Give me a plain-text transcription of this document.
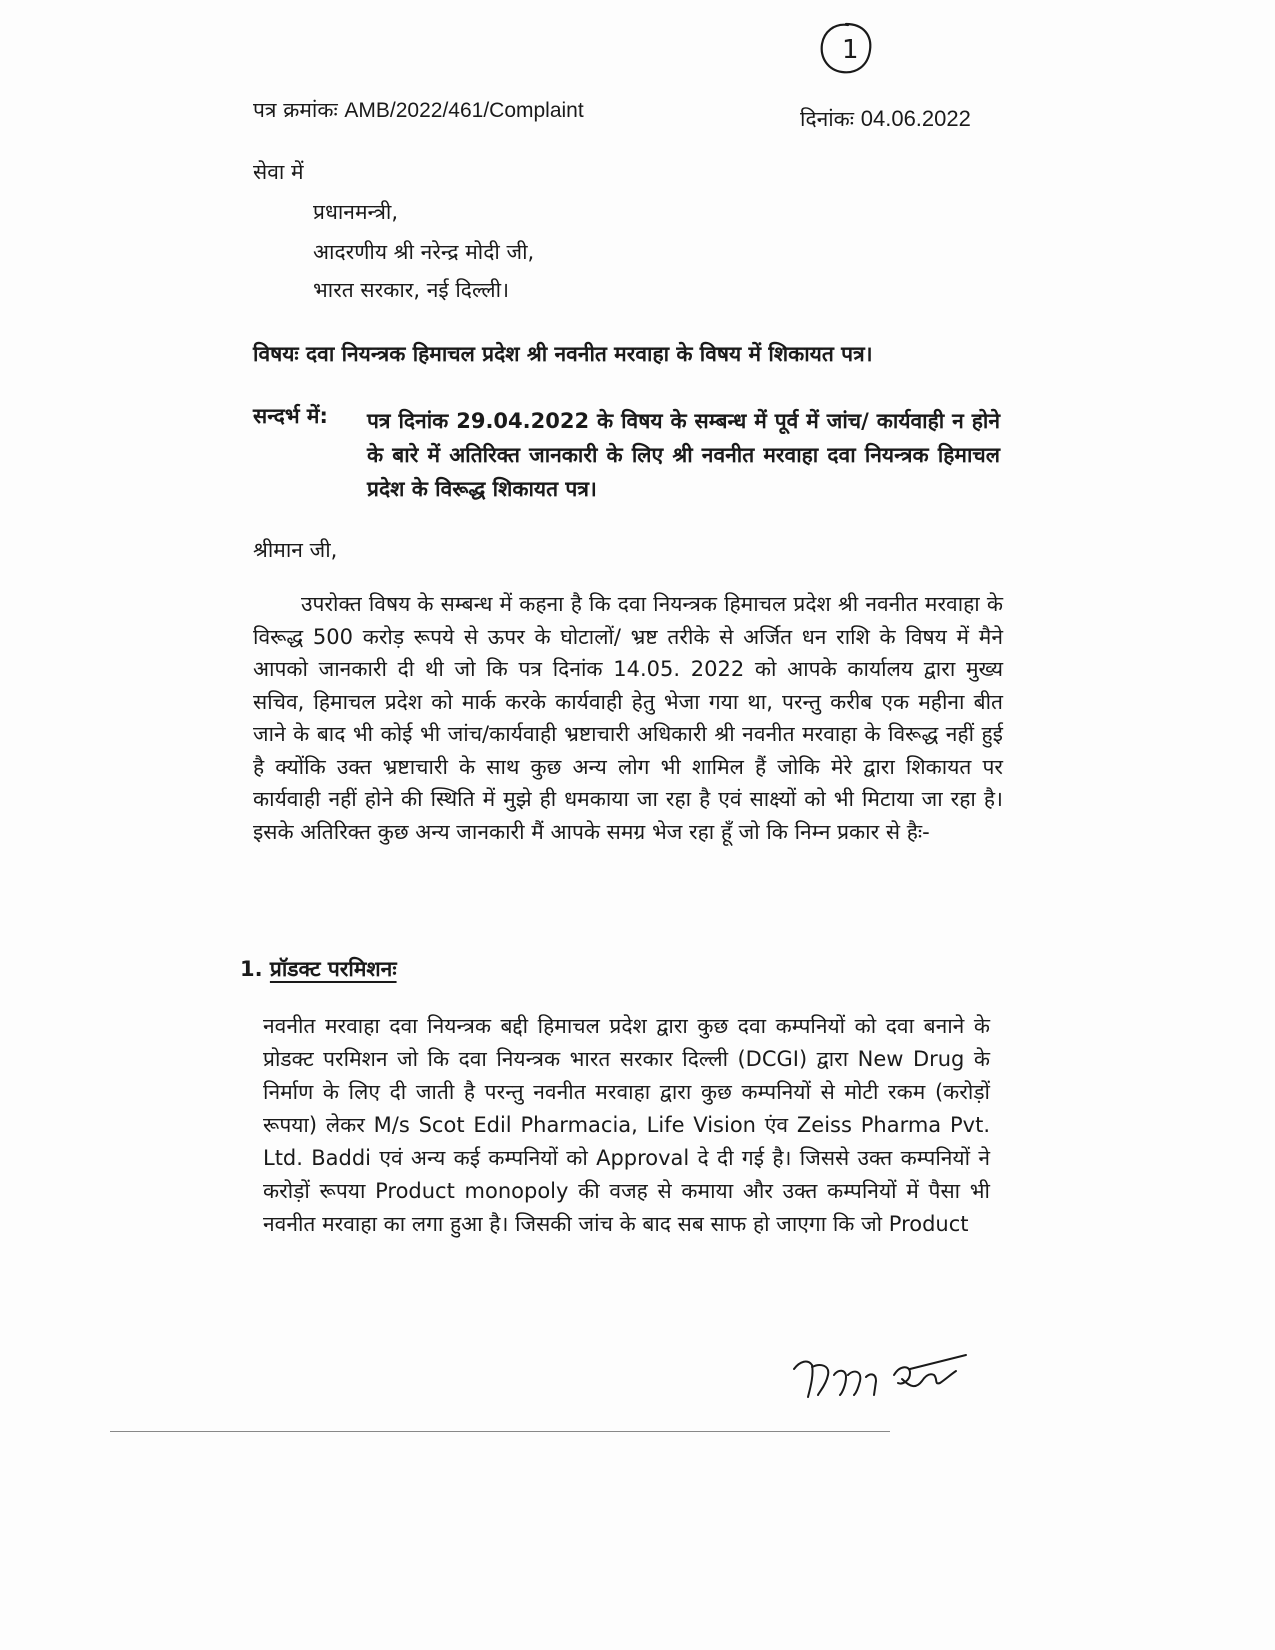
1
पत्र क्रमांकः AMB/2022/461/Complaint	दिनांकः 04.06.2022
सेवा में
प्रधानमन्त्री,
आदरणीय श्री नरेन्द्र मोदी जी,
भारत सरकार, नई दिल्ली।
विषयः दवा नियन्त्रक हिमाचल प्रदेश श्री नवनीत मरवाहा के विषय में शिकायत पत्र।
सन्दर्भ में: पत्र दिनांक 29.04.2022 के विषय के सम्बन्ध में पूर्व में जांच/ कार्यवाही न होने के बारे में अतिरिक्त जानकारी के लिए श्री नवनीत मरवाहा दवा नियन्त्रक हिमाचल प्रदेश के विरूद्ध शिकायत पत्र।
श्रीमान जी,
उपरोक्त विषय के सम्बन्ध में कहना है कि दवा नियन्त्रक हिमाचल प्रदेश श्री नवनीत मरवाहा के विरूद्ध 500 करोड़ रूपये से ऊपर के घोटालों/ भ्रष्ट तरीके से अर्जित धन राशि के विषय में मैने आपको जानकारी दी थी जो कि पत्र दिनांक 14.05. 2022 को आपके कार्यालय द्वारा मुख्य सचिव, हिमाचल प्रदेश को मार्क करके कार्यवाही हेतु भेजा गया था, परन्तु करीब एक महीना बीत जाने के बाद भी कोई भी जांच/कार्यवाही भ्रष्टाचारी अधिकारी श्री नवनीत मरवाहा के विरूद्ध नहीं हुई है क्योंकि उक्त भ्रष्टाचारी के साथ कुछ अन्य लोग भी शामिल हैं जोकि मेरे द्वारा शिकायत पर कार्यवाही नहीं होने की स्थिति में मुझे ही धमकाया जा रहा है एवं साक्ष्यों को भी मिटाया जा रहा है। इसके अतिरिक्त कुछ अन्य जानकारी मैं आपके समग्र भेज रहा हूँ जो कि निम्न प्रकार से हैः-
1. प्रॉडक्ट परमिशनः
नवनीत मरवाहा दवा नियन्त्रक बद्दी हिमाचल प्रदेश द्वारा कुछ दवा कम्पनियों को दवा बनाने के प्रोडक्ट परमिशन जो कि दवा नियन्त्रक भारत सरकार दिल्ली (DCGI) द्वारा New Drug के निर्माण के लिए दी जाती है परन्तु नवनीत मरवाहा द्वारा कुछ कम्पनियों से मोटी रकम (करोड़ों रूपया) लेकर M/s Scot Edil Pharmacia, Life Vision एंव Zeiss Pharma Pvt. Ltd. Baddi एवं अन्य कई कम्पनियों को Approval दे दी गई है। जिससे उक्त कम्पनियों ने करोड़ों रूपया Product monopoly की वजह से कमाया और उक्त कम्पनियों में पैसा भी नवनीत मरवाहा का लगा हुआ है। जिसकी जांच के बाद सब साफ हो जाएगा कि जो Product
